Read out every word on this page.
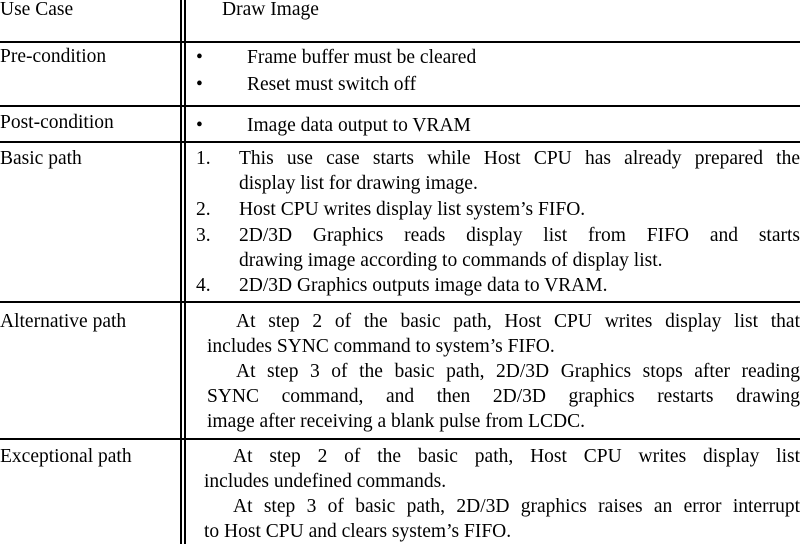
Use Case	Draw Image
Pre-condition	• Frame buffer must be cleared
• Reset must switch off
Post-condition	• Image data output to VRAM
Basic path	1. This use case starts while Host CPU has already prepared the
display list for drawing image.
2. Host CPU writes display list system’s FIFO.
3. 2D/3D Graphics reads display list from FIFO and starts
drawing image according to commands of display list.
4. 2D/3D Graphics outputs image data to VRAM.
Alternative path	At step 2 of the basic path, Host CPU writes display list that
includes SYNC command to system’s FIFO.
At step 3 of the basic path, 2D/3D Graphics stops after reading
SYNC command, and then 2D/3D graphics restarts drawing
image after receiving a blank pulse from LCDC.
Exceptional path	At step 2 of the basic path, Host CPU writes display list
includes undefined commands.
At step 3 of basic path, 2D/3D graphics raises an error interrupt
to Host CPU and clears system’s FIFO.
